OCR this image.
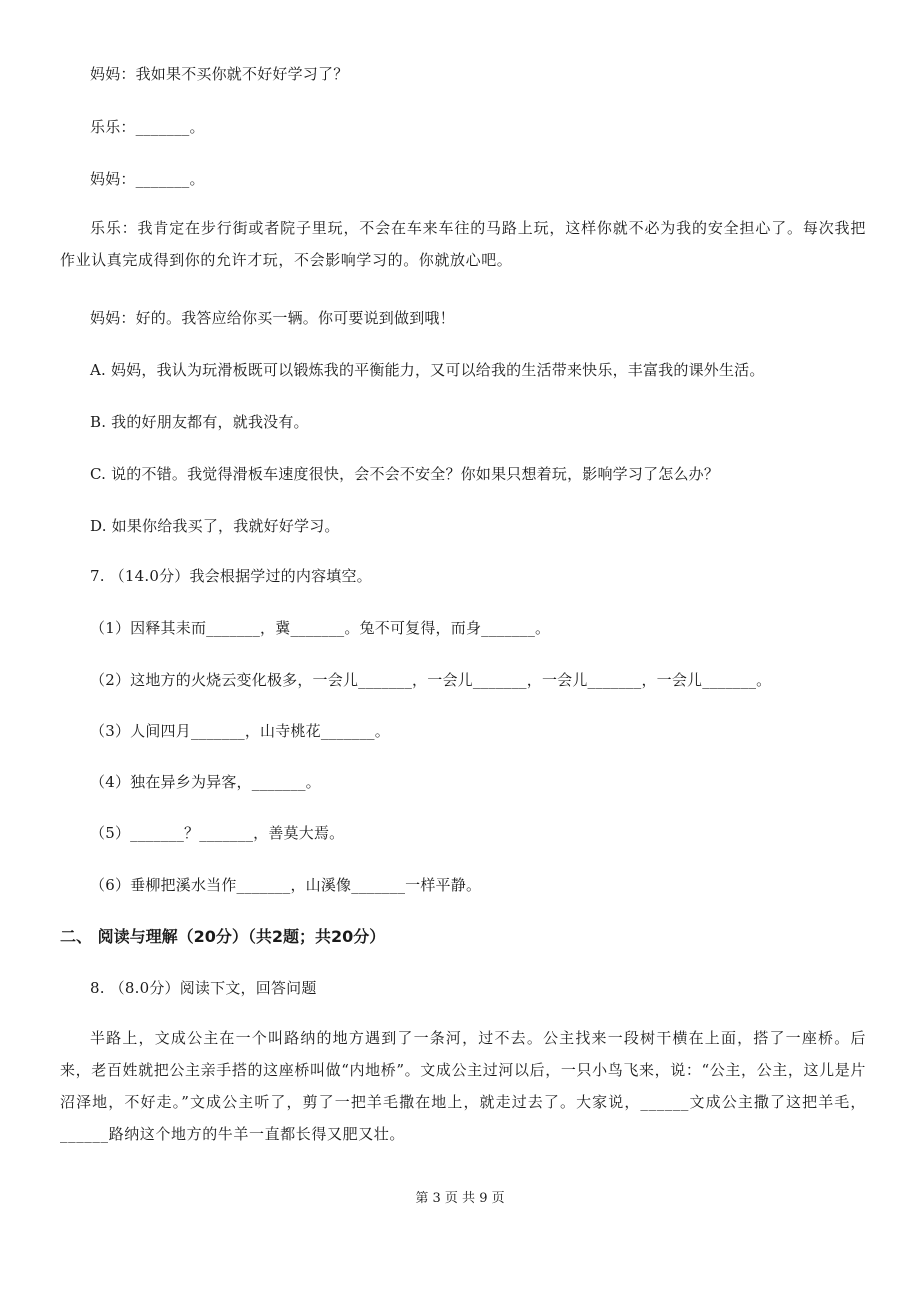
妈妈：我如果不买你就不好好学习了？
乐乐：_______。
妈妈：_______。
乐乐：我肯定在步行街或者院子里玩，不会在车来车往的马路上玩，这样你就不必为我的安全担心了。每次我把作业认真完成得到你的允许才玩，不会影响学习的。你就放心吧。
妈妈：好的。我答应给你买一辆。你可要说到做到哦！
A. 妈妈，我认为玩滑板既可以锻炼我的平衡能力，又可以给我的生活带来快乐，丰富我的课外生活。
B. 我的好朋友都有，就我没有。
C. 说的不错。我觉得滑板车速度很快，会不会不安全？你如果只想着玩，影响学习了怎么办？
D. 如果你给我买了，我就好好学习。
7. （14.0分）我会根据学过的内容填空。
（1）因释其耒而_______，冀_______。兔不可复得，而身_______。
（2）这地方的火烧云变化极多，一会儿_______，一会儿_______，一会儿_______，一会儿_______。
（3）人间四月_______，山寺桃花_______。
（4）独在异乡为异客，_______。
（5）_______？_______，善莫大焉。
（6）垂柳把溪水当作_______，山溪像_______一样平静。
二、 阅读与理解（20分）（共2题；共20分）
8. （8.0分）阅读下文，回答问题
半路上，文成公主在一个叫路纳的地方遇到了一条河，过不去。公主找来一段树干横在上面，搭了一座桥。后来，老百姓就把公主亲手搭的这座桥叫做“内地桥”。文成公主过河以后，一只小鸟飞来，说：“公主，公主，这儿是片沼泽地，不好走。”文成公主听了，剪了一把羊毛撒在地上，就走过去了。大家说，______文成公主撒了这把羊毛，______路纳这个地方的牛羊一直都长得又肥又壮。
第 3 页 共 9 页
